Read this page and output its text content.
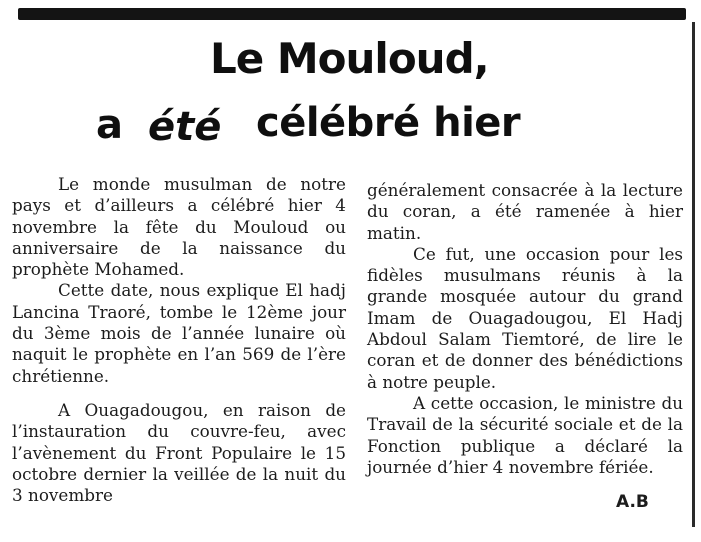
Le Mouloud,
a été célébré hier

Le monde musulman de notre pays et d’ailleurs a célébré hier 4 novembre la fête du Mouloud ou anniversaire de la naissance du prophète Mohamed.

Cette date, nous explique El hadj Lancina Traoré, tombe le 12ème jour du 3ème mois de l’année lunaire où naquit le prophète en l’an 569 de l’ère chrétienne.

A Ouagadougou, en raison de l’instauration du couvre-feu, avec l’avènement du Front Populaire le 15 octobre dernier la veillée de la nuit du 3 novembre

généralement consacrée à la lecture du coran, a été ramenée à hier matin.

Ce fut, une occasion pour les fidèles musulmans réunis à la grande mosquée autour du grand Imam de Ouagadougou, El Hadj Abdoul Salam Tiemtoré, de lire le coran et de donner des bénédictions à notre peuple.

A cette occasion, le ministre du Travail de la sécurité sociale et de la Fonction publique a déclaré la journée d’hier 4 novembre fériée.

A.B
